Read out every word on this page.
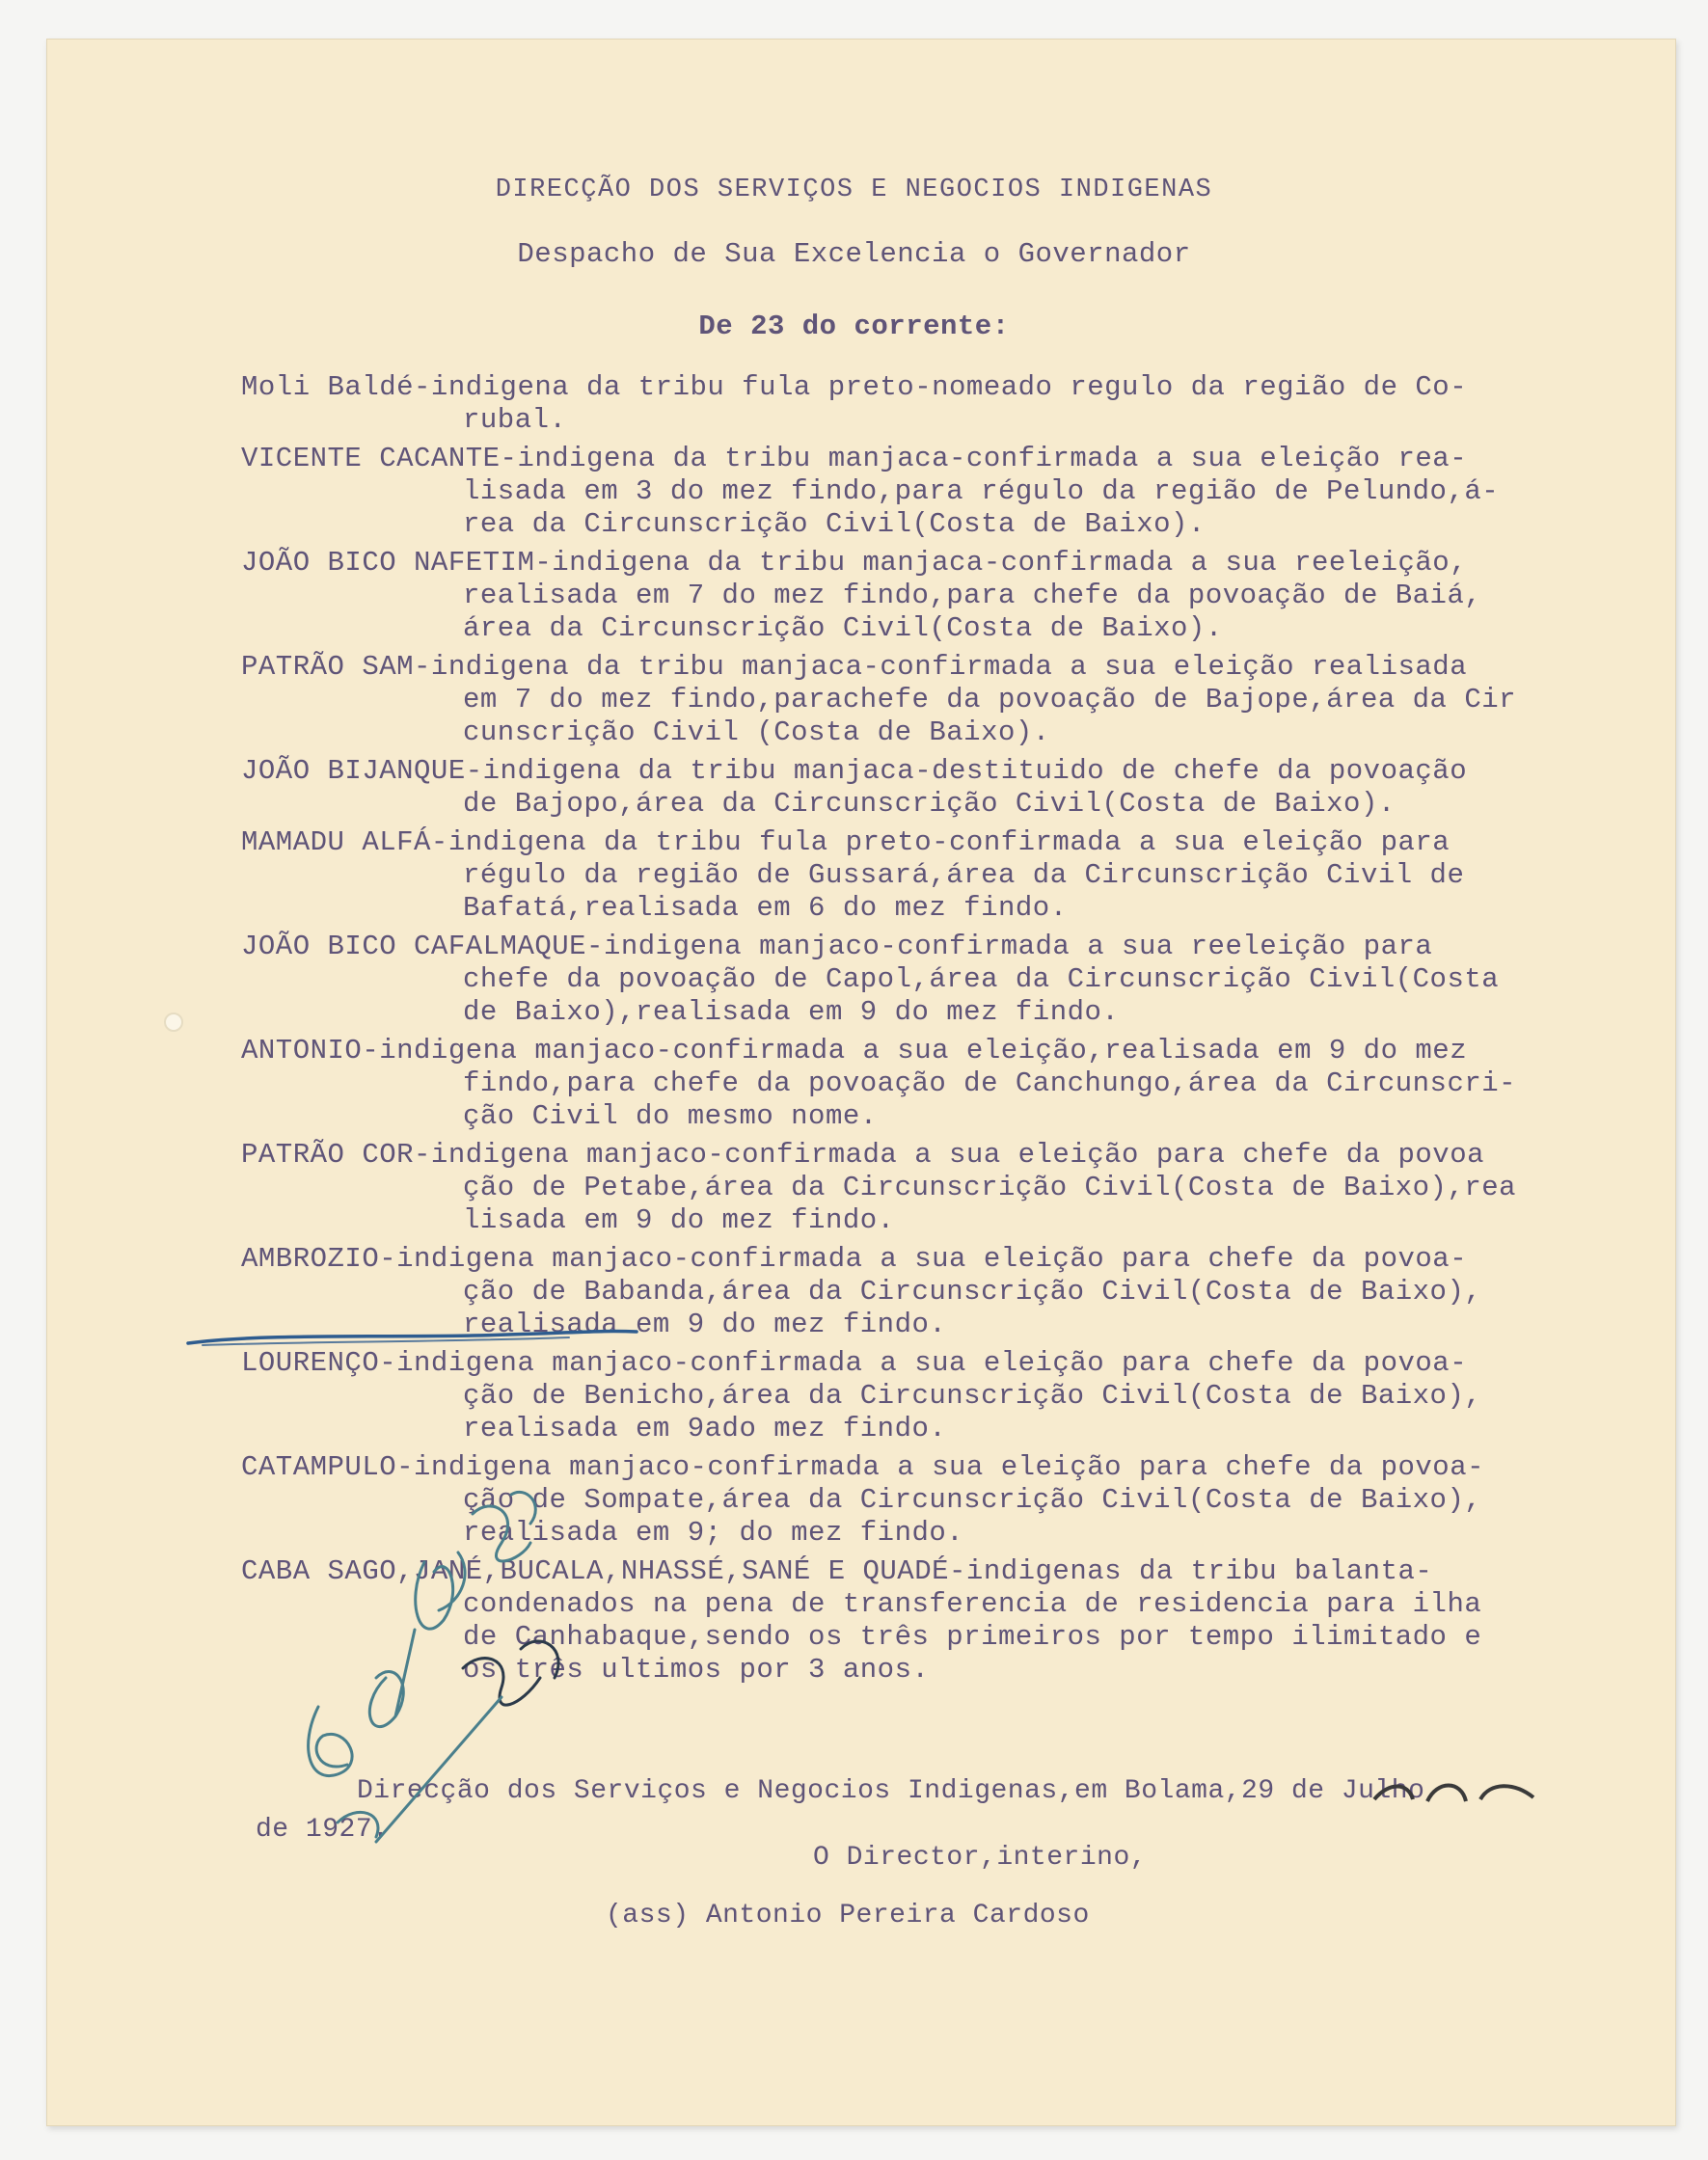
DIRECÇÃO DOS SERVIÇOS E NEGOCIOS INDIGENAS
Despacho de Sua Excelencia o Governador
De 23 do corrente:
Moli Baldé-indigena da tribu fula preto-nomeado regulo da região de Co-
rubal.
VICENTE CACANTE-indigena da tribu manjaca-confirmada a sua eleição rea-
lisada em 3 do mez findo,para régulo da região de Pelundo,á-
rea da Circunscrição Civil(Costa de Baixo).
JOÃO BICO NAFETIM-indigena da tribu manjaca-confirmada a sua reeleição,
realisada em 7 do mez findo,para chefe da povoação de Baiá,
área da Circunscrição Civil(Costa de Baixo).
PATRÃO SAM-indigena da tribu manjaca-confirmada a sua eleição realisada
em 7 do mez findo,parachefe da povoação de Bajope,área da Cir
cunscrição Civil (Costa de Baixo).
JOÃO BIJANQUE-indigena da tribu manjaca-destituido de chefe da povoação
de Bajopo,área da Circunscrição Civil(Costa de Baixo).
MAMADU ALFÁ-indigena da tribu fula preto-confirmada a sua eleição para
régulo da região de Gussará,área da Circunscrição Civil de
Bafatá,realisada em 6 do mez findo.
JOÃO BICO CAFALMAQUE-indigena manjaco-confirmada a sua reeleição para
chefe da povoação de Capol,área da Circunscrição Civil(Costa
de Baixo),realisada em 9 do mez findo.
ANTONIO-indigena manjaco-confirmada a sua eleição,realisada em 9 do mez
findo,para chefe da povoação de Canchungo,área da Circunscri-
ção Civil do mesmo nome.
PATRÃO COR-indigena manjaco-confirmada a sua eleição para chefe da povoa
ção de Petabe,área da Circunscrição Civil(Costa de Baixo),rea
lisada em 9 do mez findo.
AMBROZIO-indigena manjaco-confirmada a sua eleição para chefe da povoa-
ção de Babanda,área da Circunscrição Civil(Costa de Baixo),
realisada em 9 do mez findo.
LOURENÇO-indigena manjaco-confirmada a sua eleição para chefe da povoa-
ção de Benicho,área da Circunscrição Civil(Costa de Baixo),
realisada em 9ado mez findo.
CATAMPULO-indigena manjaco-confirmada a sua eleição para chefe da povoa-
ção de Sompate,área da Circunscrição Civil(Costa de Baixo),
realisada em 9; do mez findo.
CABA SAGO,JANÉ,BUCALA,NHASSÉ,SANÉ E QUADÉ-indigenas da tribu balanta-
condenados na pena de transferencia de residencia para ilha
de Canhabaque,sendo os três primeiros por tempo ilimitado e
os três ultimos por 3 anos.
Direcção dos Serviços e Negocios Indigenas,em Bolama,29 de Julho
de 1927.
O Director,interino,
(ass) Antonio Pereira Cardoso
